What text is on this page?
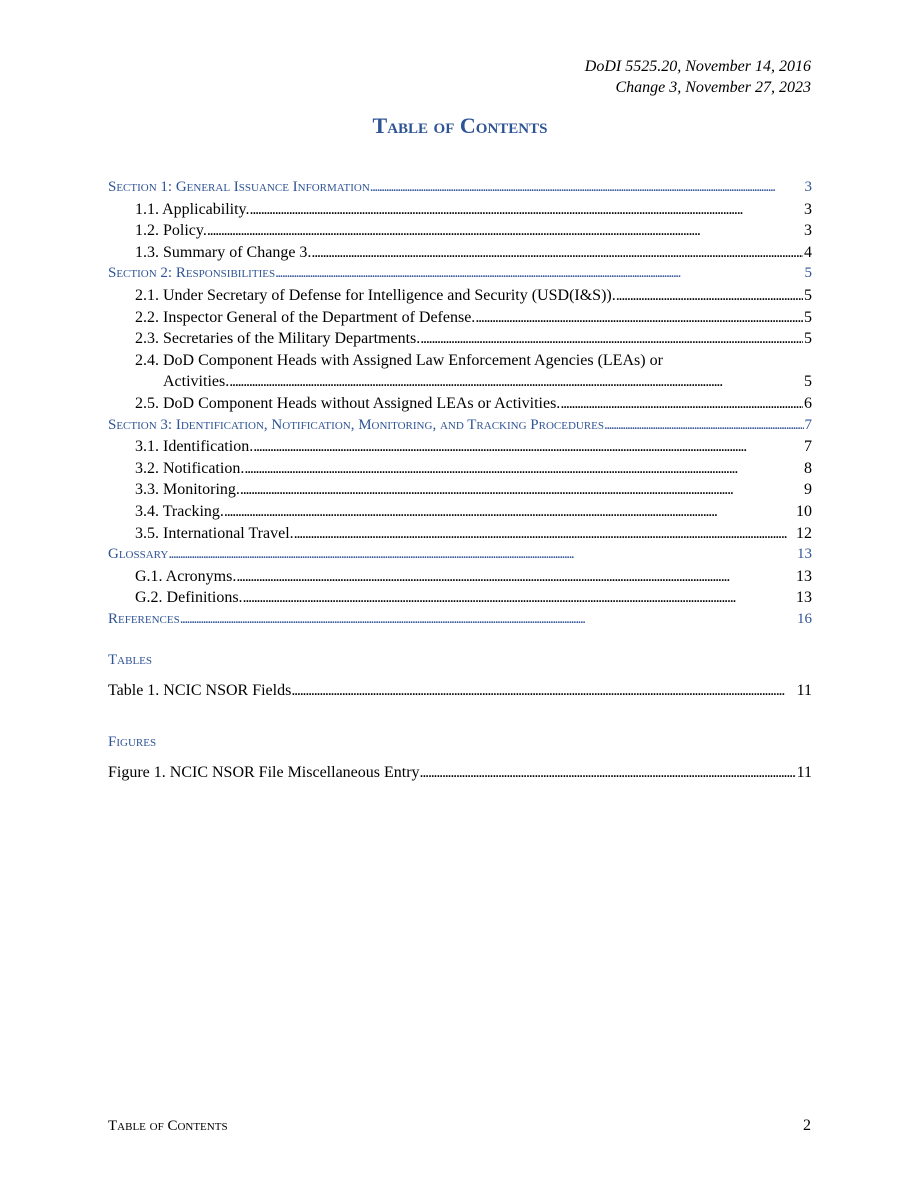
DoDI 5525.20, November 14, 2016
Change 3, November 27, 2023
Table of Contents
Section 1: General Issuance Information . . .	3
1.1. Applicability. . . .	3
1.2. Policy. . . .	3
1.3. Summary of Change 3. . . .	4
Section 2: Responsibilities . . .	5
2.1. Under Secretary of Defense for Intelligence and Security (USD(I&S)). . . .	5
2.2. Inspector General of the Department of Defense. . . .	5
2.3. Secretaries of the Military Departments. . . .	5
2.4. DoD Component Heads with Assigned Law Enforcement Agencies (LEAs) or
Activities. . . .	5
2.5. DoD Component Heads without Assigned LEAs or Activities. . . .	6
Section 3: Identification, Notification, Monitoring, and Tracking Procedures . . .	7
3.1. Identification. . . .	7
3.2. Notification. . . .	8
3.3. Monitoring. . . .	9
3.4. Tracking. . . .	10
3.5. International Travel. . . .	12
Glossary . . .	13
G.1. Acronyms. . . .	13
G.2. Definitions. . . .	13
References . . .	16
Tables
Table 1. NCIC NSOR Fields . . .	11
Figures
Figure 1. NCIC NSOR File Miscellaneous Entry . . .	11
Table of Contents	2
